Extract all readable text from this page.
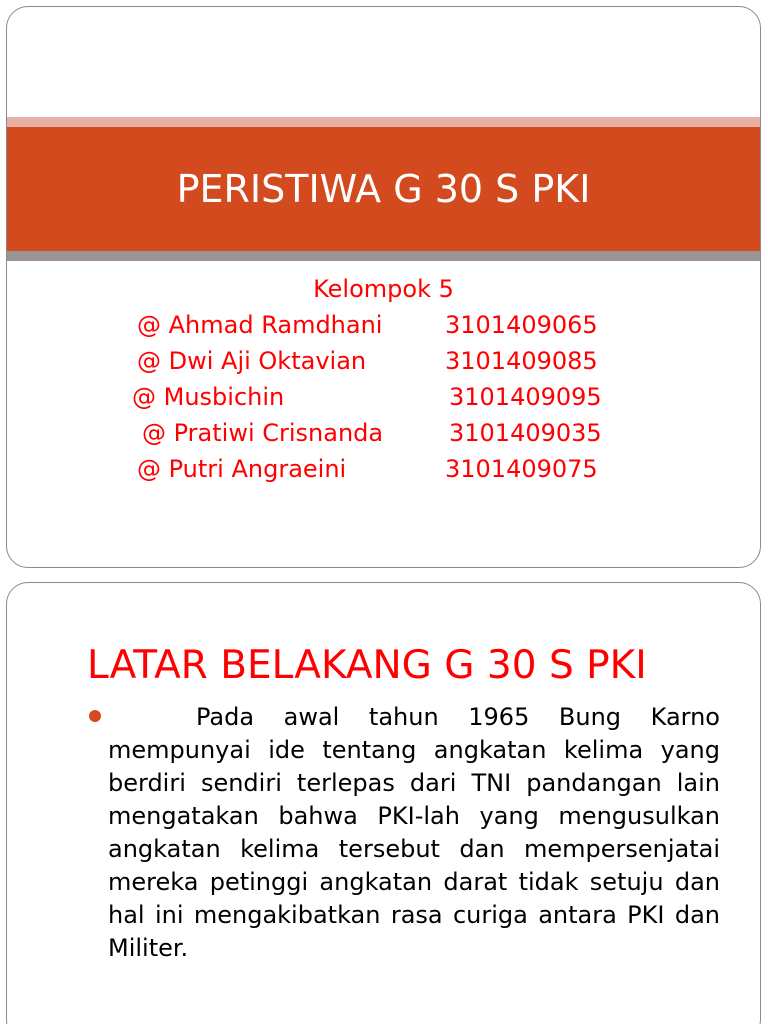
PERISTIWA G 30 S PKI
Kelompok 5
@ Ahmad Ramdhani	3101409065
@ Dwi Aji Oktavian	3101409085
@ Musbichin	3101409095
@ Pratiwi Crisnanda	3101409035
@ Putri Angraeini	3101409075
LATAR BELAKANG G 30 S PKI

Pada awal tahun 1965 Bung Karno mempunyai ide tentang angkatan kelima yang berdiri sendiri terlepas dari TNI pandangan lain mengatakan bahwa PKI-lah yang mengusulkan angkatan kelima tersebut dan mempersenjatai mereka petinggi angkatan darat tidak setuju dan hal ini mengakibatkan rasa curiga antara PKI dan Militer.
